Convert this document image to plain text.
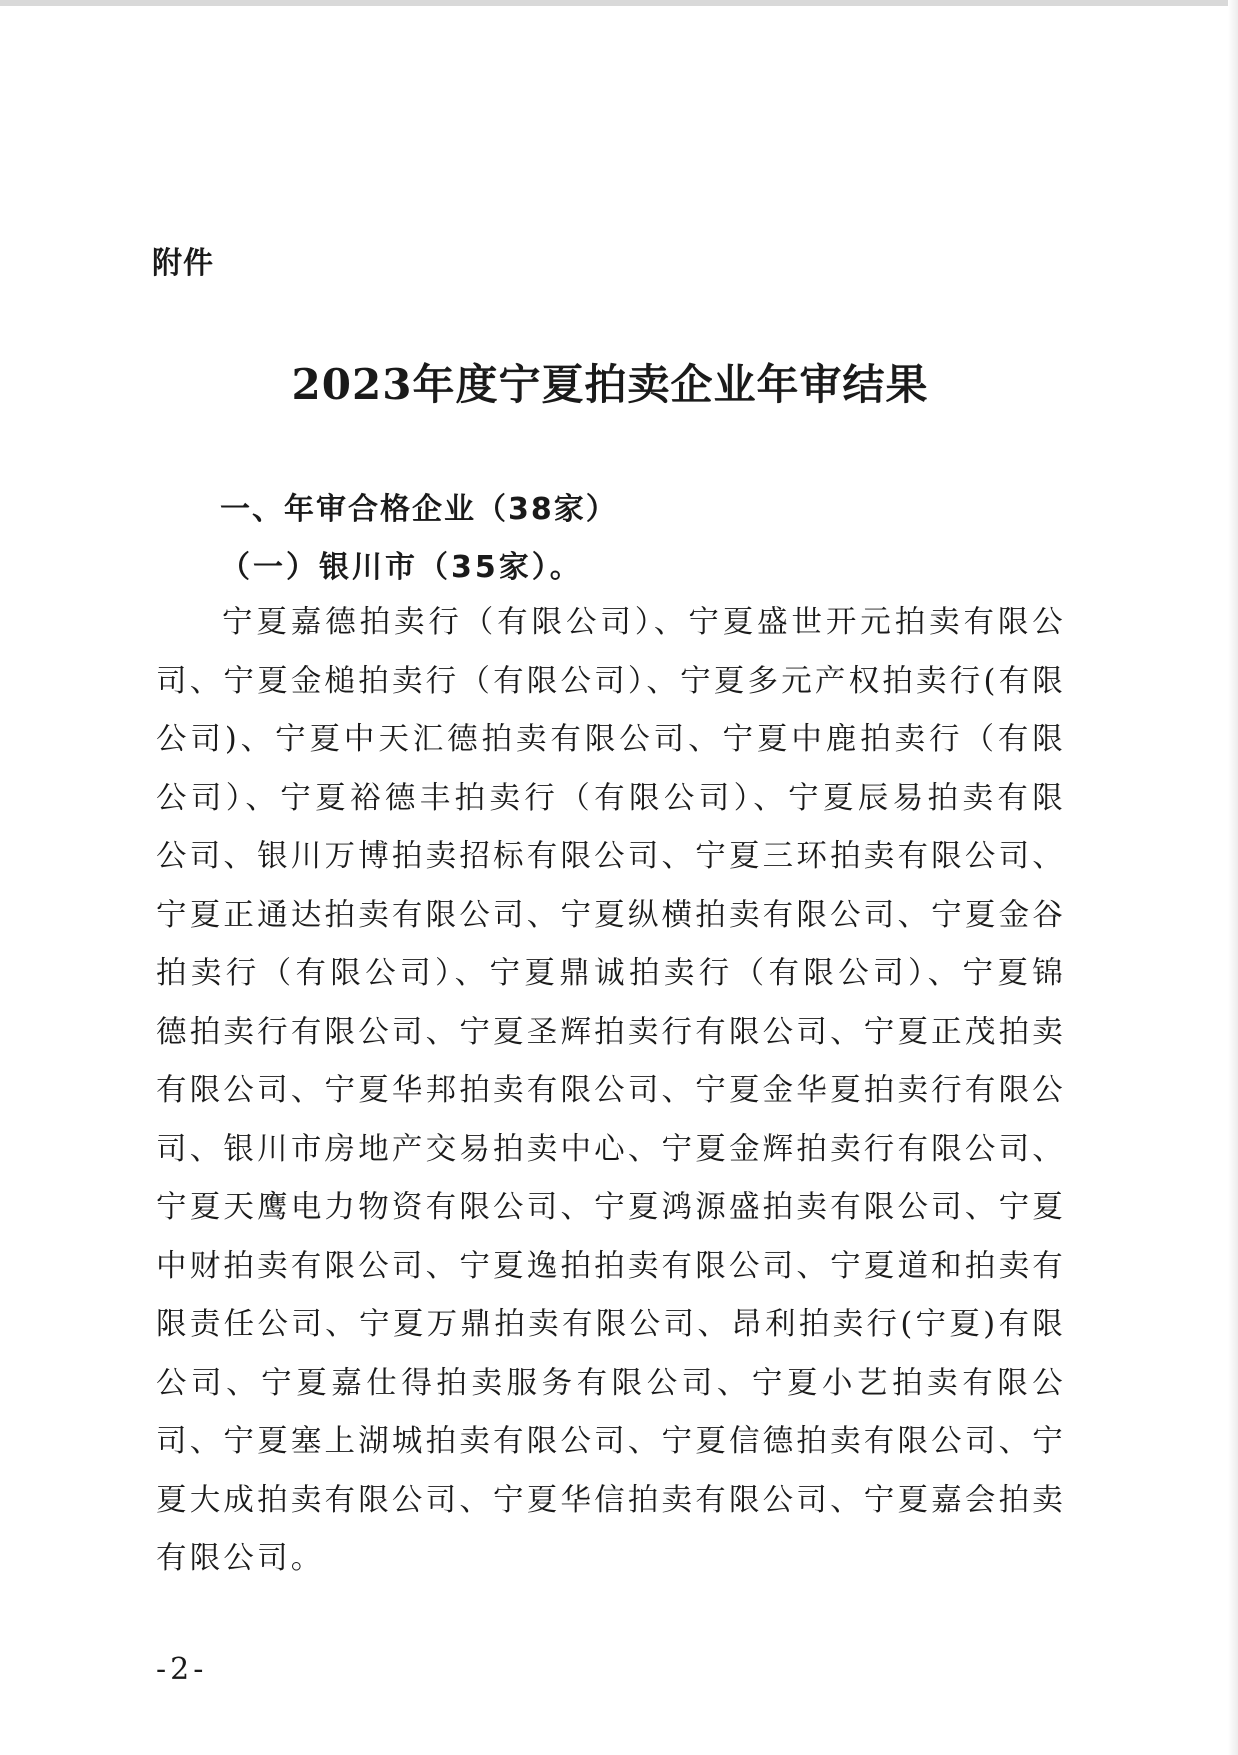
附件
2023年度宁夏拍卖企业年审结果
一、年审合格企业（38家）
（一）银川市（35家）。

宁夏嘉德拍卖行（有限公司）、宁夏盛世开元拍卖有限公司、宁夏金槌拍卖行（有限公司）、宁夏多元产权拍卖行(有限公司)、宁夏中天汇德拍卖有限公司、宁夏中鹿拍卖行（有限公司）、宁夏裕德丰拍卖行（有限公司）、宁夏辰易拍卖有限公司、银川万博拍卖招标有限公司、宁夏三环拍卖有限公司、宁夏正通达拍卖有限公司、宁夏纵横拍卖有限公司、宁夏金谷拍卖行（有限公司）、宁夏鼎诚拍卖行（有限公司）、宁夏锦德拍卖行有限公司、宁夏圣辉拍卖行有限公司、宁夏正茂拍卖有限公司、宁夏华邦拍卖有限公司、宁夏金华夏拍卖行有限公司、银川市房地产交易拍卖中心、宁夏金辉拍卖行有限公司、宁夏天鹰电力物资有限公司、宁夏鸿源盛拍卖有限公司、宁夏中财拍卖有限公司、宁夏逸拍拍卖有限公司、宁夏道和拍卖有限责任公司、宁夏万鼎拍卖有限公司、昂利拍卖行(宁夏)有限公司、宁夏嘉仕得拍卖服务有限公司、宁夏小艺拍卖有限公司、宁夏塞上湖城拍卖有限公司、宁夏信德拍卖有限公司、宁夏大成拍卖有限公司、宁夏华信拍卖有限公司、宁夏嘉会拍卖有限公司。

-2-
